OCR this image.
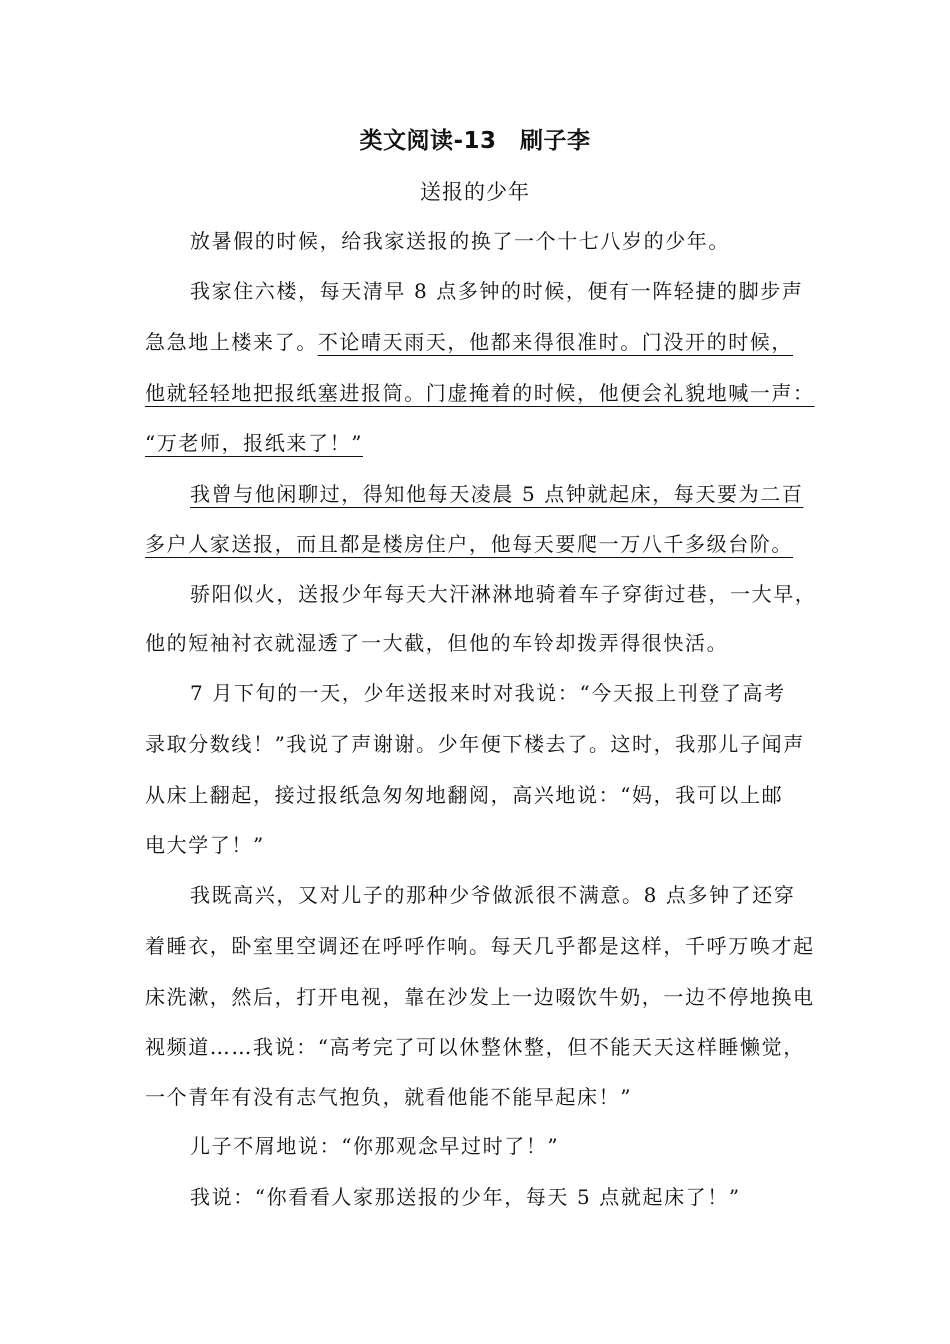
类文阅读-13　刷子李
送报的少年
放暑假的时候，给我家送报的换了一个十七八岁的少年。
我家住六楼，每天清早 8 点多钟的时候，便有一阵轻捷的脚步声
急急地上楼来了。不论晴天雨天，他都来得很准时。门没开的时候，
他就轻轻地把报纸塞进报筒。门虚掩着的时候，他便会礼貌地喊一声：
“万老师，报纸来了！”
我曾与他闲聊过，得知他每天凌晨 5 点钟就起床，每天要为二百
多户人家送报，而且都是楼房住户，他每天要爬一万八千多级台阶。
骄阳似火，送报少年每天大汗淋淋地骑着车子穿街过巷，一大早，
他的短袖衬衣就湿透了一大截，但他的车铃却拨弄得很快活。
7 月下旬的一天，少年送报来时对我说：“今天报上刊登了高考
录取分数线！”我说了声谢谢。少年便下楼去了。这时，我那儿子闻声
从床上翻起，接过报纸急匆匆地翻阅，高兴地说：“妈，我可以上邮
电大学了！”
我既高兴，又对儿子的那种少爷做派很不满意。8 点多钟了还穿
着睡衣，卧室里空调还在呼呼作响。每天几乎都是这样，千呼万唤才起
床洗漱，然后，打开电视，靠在沙发上一边啜饮牛奶，一边不停地换电
视频道……我说：“高考完了可以休整休整，但不能天天这样睡懒觉，
一个青年有没有志气抱负，就看他能不能早起床！”
儿子不屑地说：“你那观念早过时了！”
我说：“你看看人家那送报的少年，每天 5 点就起床了！”
